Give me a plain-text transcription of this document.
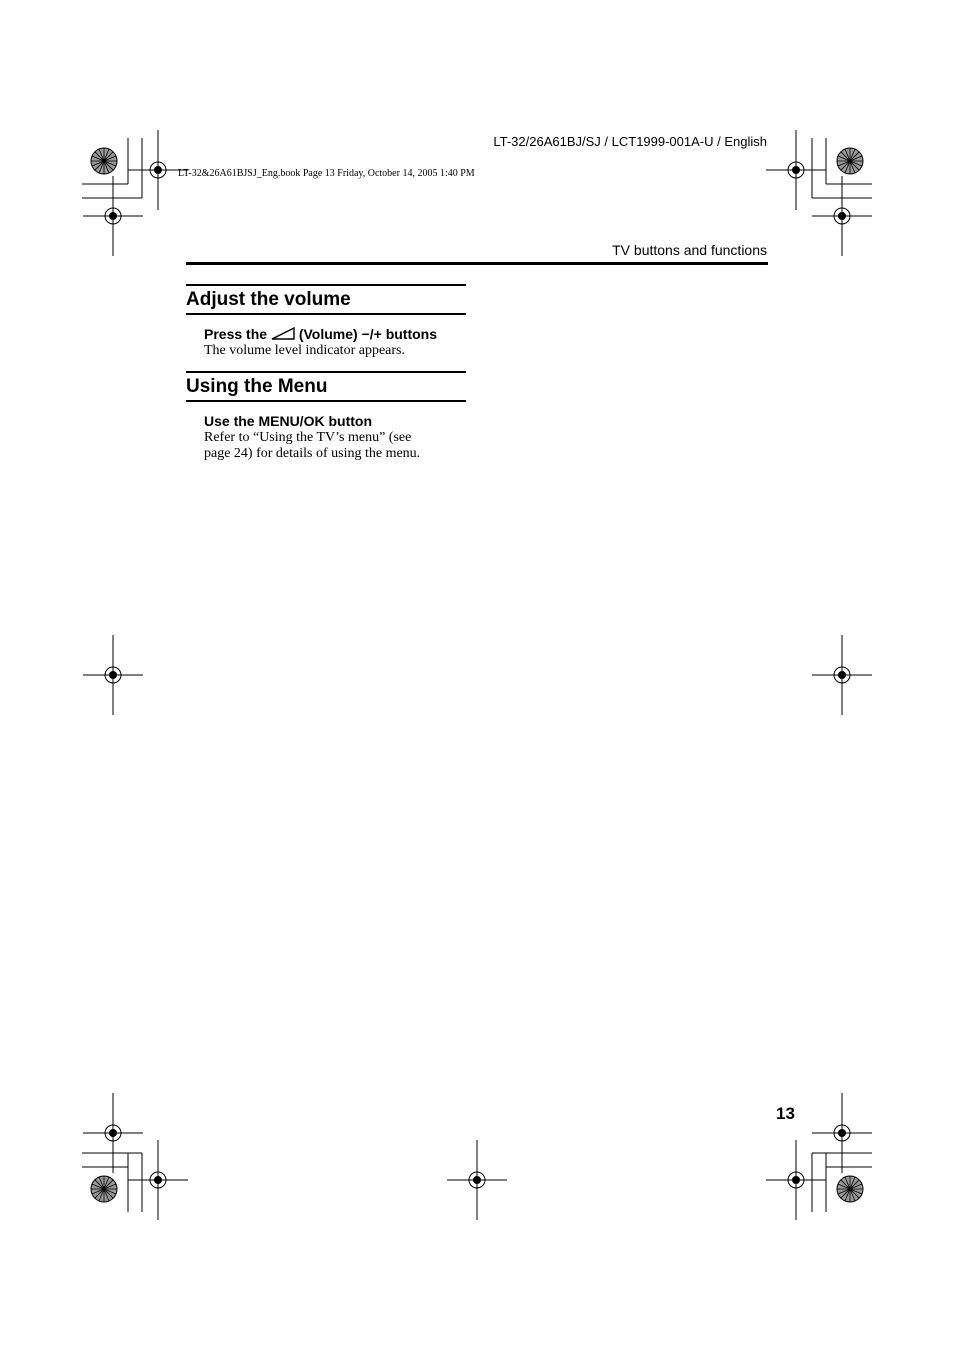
LT-32/26A61BJ/SJ / LCT1999-001A-U / English
LT-32&26A61BJSJ_Eng.book Page 13 Friday, October 14, 2005 1:40 PM
TV buttons and functions
Adjust the volume
Press the (Volume) −/+ buttons
The volume level indicator appears.
Using the Menu
Use the MENU/OK button
Refer to “Using the TV’s menu” (see
page 24) for details of using the menu.
13
